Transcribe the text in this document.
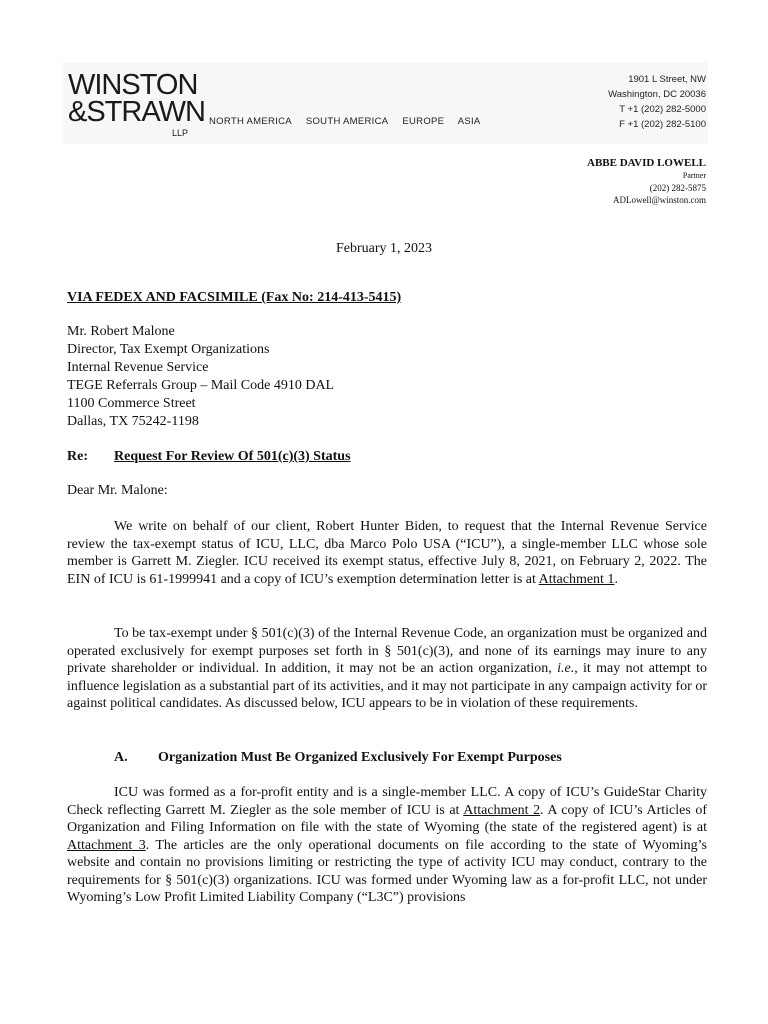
WINSTON
&STRAWN
LLP
NORTH AMERICA SOUTH AMERICA EUROPE ASIA
1901 L Street, NW
Washington, DC 20036
T +1 (202) 282-5000
F +1 (202) 282-5100
ABBE DAVID LOWELL
Partner
(202) 282-5875
ADLowell@winston.com
February 1, 2023
VIA FEDEX AND FACSIMILE (Fax No: 214-413-5415)
Mr. Robert Malone
Director, Tax Exempt Organizations
Internal Revenue Service
TEGE Referrals Group – Mail Code 4910 DAL
1100 Commerce Street
Dallas, TX 75242-1198
Re: Request For Review Of 501(c)(3) Status
Dear Mr. Malone:

We write on behalf of our client, Robert Hunter Biden, to request that the Internal Revenue Service review the tax-exempt status of ICU, LLC, dba Marco Polo USA (“ICU”), a single-member LLC whose sole member is Garrett M. Ziegler. ICU received its exempt status, effective July 8, 2021, on February 2, 2022. The EIN of ICU is 61-1999941 and a copy of ICU’s exemption determination letter is at Attachment 1.

To be tax-exempt under § 501(c)(3) of the Internal Revenue Code, an organization must be organized and operated exclusively for exempt purposes set forth in § 501(c)(3), and none of its earnings may inure to any private shareholder or individual. In addition, it may not be an action organization, i.e., it may not attempt to influence legislation as a substantial part of its activities, and it may not participate in any campaign activity for or against political candidates. As discussed below, ICU appears to be in violation of these requirements.

A. Organization Must Be Organized Exclusively For Exempt Purposes

ICU was formed as a for-profit entity and is a single-member LLC. A copy of ICU’s GuideStar Charity Check reflecting Garrett M. Ziegler as the sole member of ICU is at Attachment 2. A copy of ICU’s Articles of Organization and Filing Information on file with the state of Wyoming (the state of the registered agent) is at Attachment 3. The articles are the only operational documents on file according to the state of Wyoming’s website and contain no provisions limiting or restricting the type of activity ICU may conduct, contrary to the requirements for § 501(c)(3) organizations. ICU was formed under Wyoming law as a for-profit LLC, not under Wyoming’s Low Profit Limited Liability Company (“L3C”) provisions
